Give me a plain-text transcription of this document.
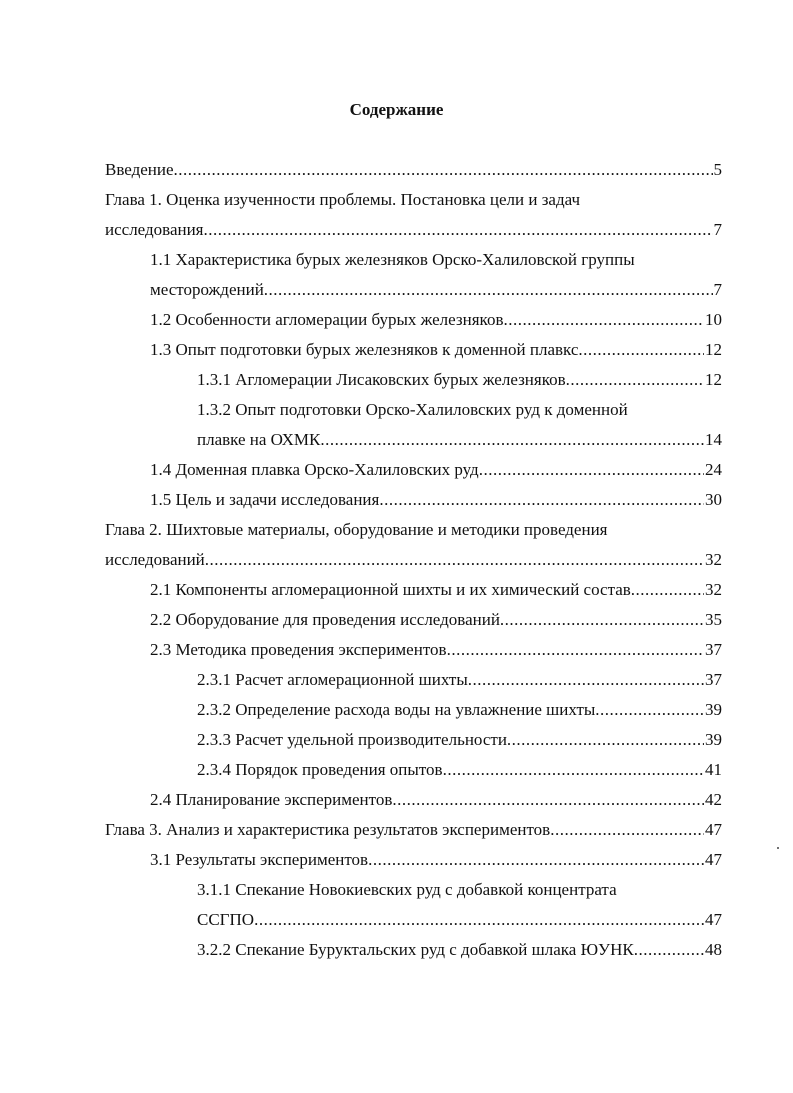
Содержание
Введение .....	5
Глава 1. Оценка изученности проблемы. Постановка цели и задач
исследования .....	7
1.1 Характеристика бурых железняков Орско-Халиловской группы
месторождений .....	7
1.2 Особенности агломерации бурых железняков .....	10
1.3 Опыт подготовки бурых железняков к доменной плавкс .....	12
1.3.1 Агломерации Лисаковских бурых железняков .....	12
1.3.2 Опыт подготовки Орско-Халиловских руд к доменной
плавке на ОХМК .....	14
1.4 Доменная плавка Орско-Халиловских руд .....	24
1.5 Цель и задачи исследования .....	30
Глава 2. Шихтовые материалы, оборудование и методики проведения
исследований .....	32
2.1 Компоненты агломерационной шихты и их химический состав .....	32
2.2 Оборудование для проведения исследований .....	35
2.3 Методика проведения экспериментов .....	37
2.3.1 Расчет агломерационной шихты .....	37
2.3.2 Определение расхода воды на увлажнение шихты .....	39
2.3.3 Расчет удельной производительности .....	39
2.3.4 Порядок проведения опытов .....	41
2.4 Планирование экспериментов .....	42
Глава 3. Анализ и характеристика результатов экспериментов .....	47
3.1 Результаты экспериментов .....	47
3.1.1 Спекание Новокиевских руд с добавкой концентрата
ССГПО .....	47
3.2.2 Спекание Буруктальских руд с добавкой шлака ЮУНК .....	48
